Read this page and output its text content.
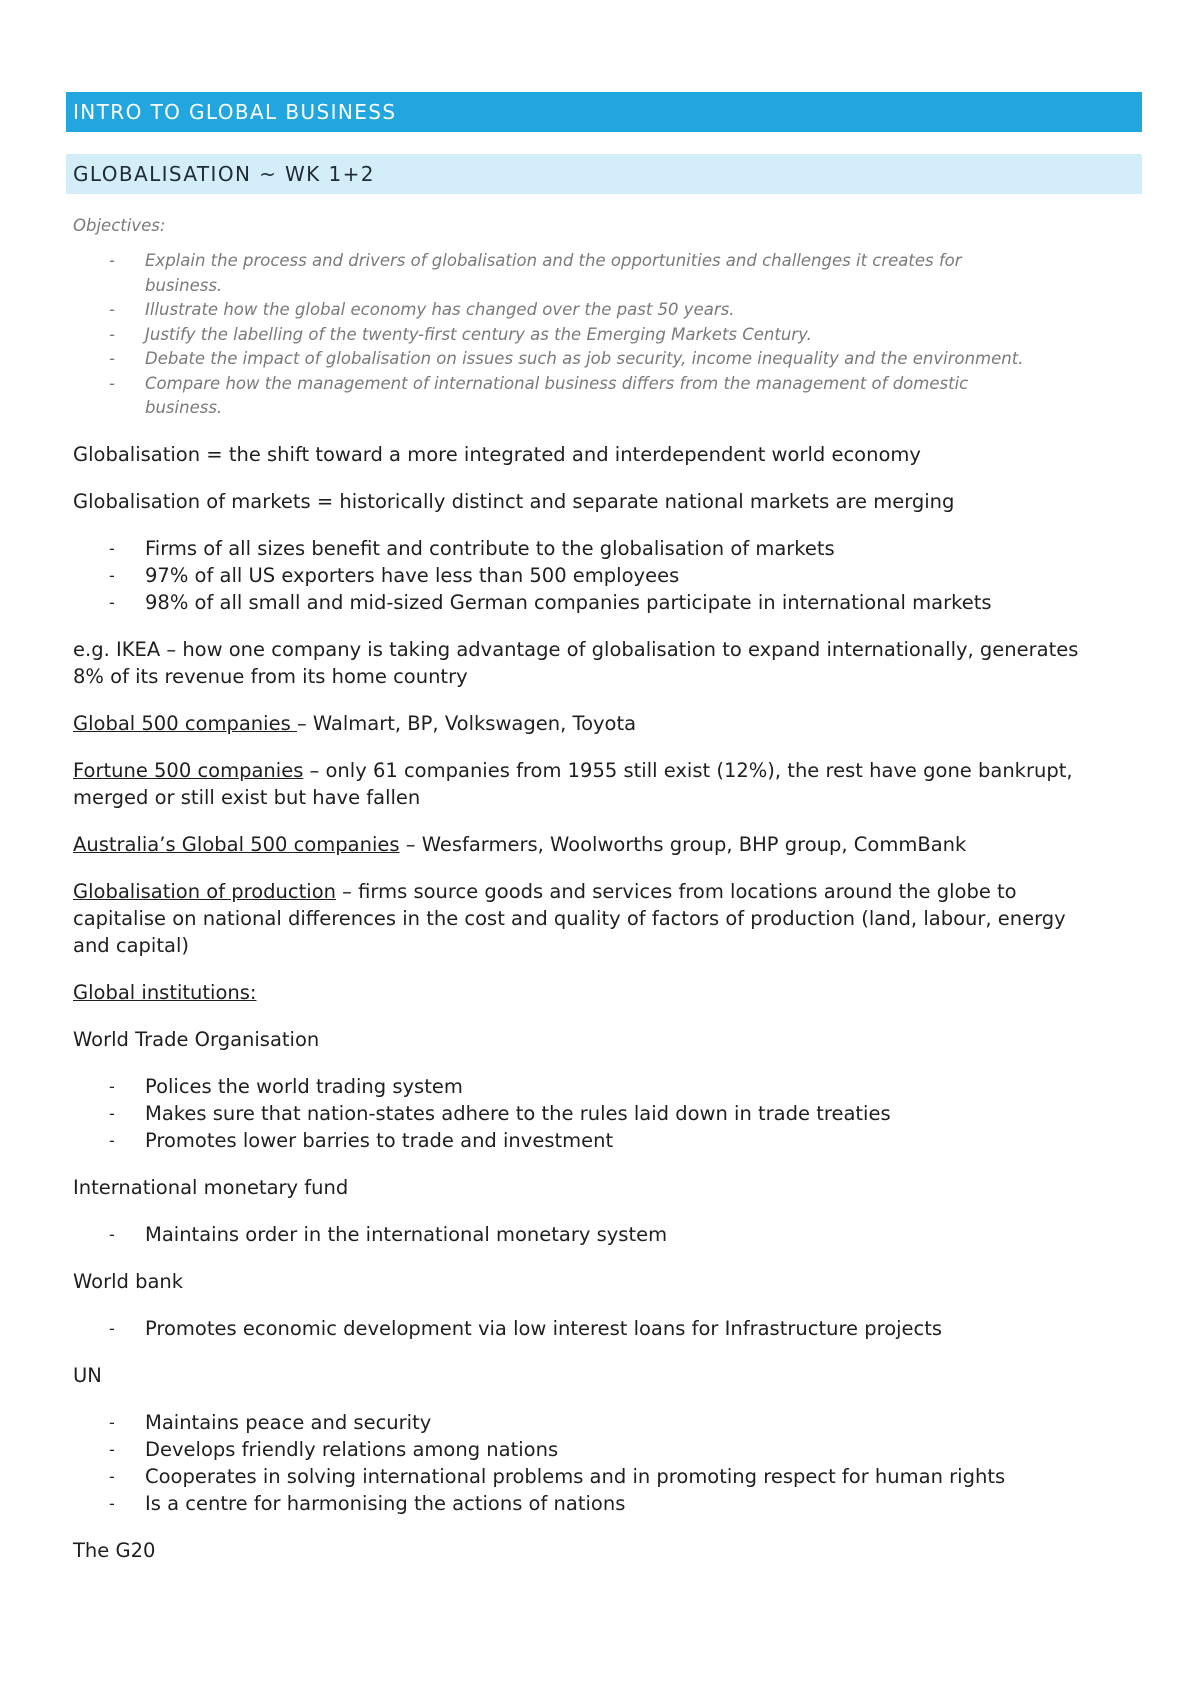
INTRO TO GLOBAL BUSINESS
GLOBALISATION ~ WK 1+2
Objectives:
- Explain the process and drivers of globalisation and the opportunities and challenges it creates for
business.
- Illustrate how the global economy has changed over the past 50 years.
- Justify the labelling of the twenty-first century as the Emerging Markets Century.
- Debate the impact of globalisation on issues such as job security, income inequality and the environment.
- Compare how the management of international business differs from the management of domestic
business.

Globalisation = the shift toward a more integrated and interdependent world economy

Globalisation of markets = historically distinct and separate national markets are merging

- Firms of all sizes benefit and contribute to the globalisation of markets
- 97% of all US exporters have less than 500 employees
- 98% of all small and mid-sized German companies participate in international markets

e.g. IKEA – how one company is taking advantage of globalisation to expand internationally, generates
8% of its revenue from its home country

Global 500 companies – Walmart, BP, Volkswagen, Toyota

Fortune 500 companies – only 61 companies from 1955 still exist (12%), the rest have gone bankrupt,
merged or still exist but have fallen

Australia’s Global 500 companies – Wesfarmers, Woolworths group, BHP group, CommBank

Globalisation of production – firms source goods and services from locations around the globe to
capitalise on national differences in the cost and quality of factors of production (land, labour, energy
and capital)

Global institutions:

World Trade Organisation

- Polices the world trading system
- Makes sure that nation-states adhere to the rules laid down in trade treaties
- Promotes lower barries to trade and investment

International monetary fund

- Maintains order in the international monetary system

World bank

- Promotes economic development via low interest loans for Infrastructure projects

UN

- Maintains peace and security
- Develops friendly relations among nations
- Cooperates in solving international problems and in promoting respect for human rights
- Is a centre for harmonising the actions of nations

The G20
